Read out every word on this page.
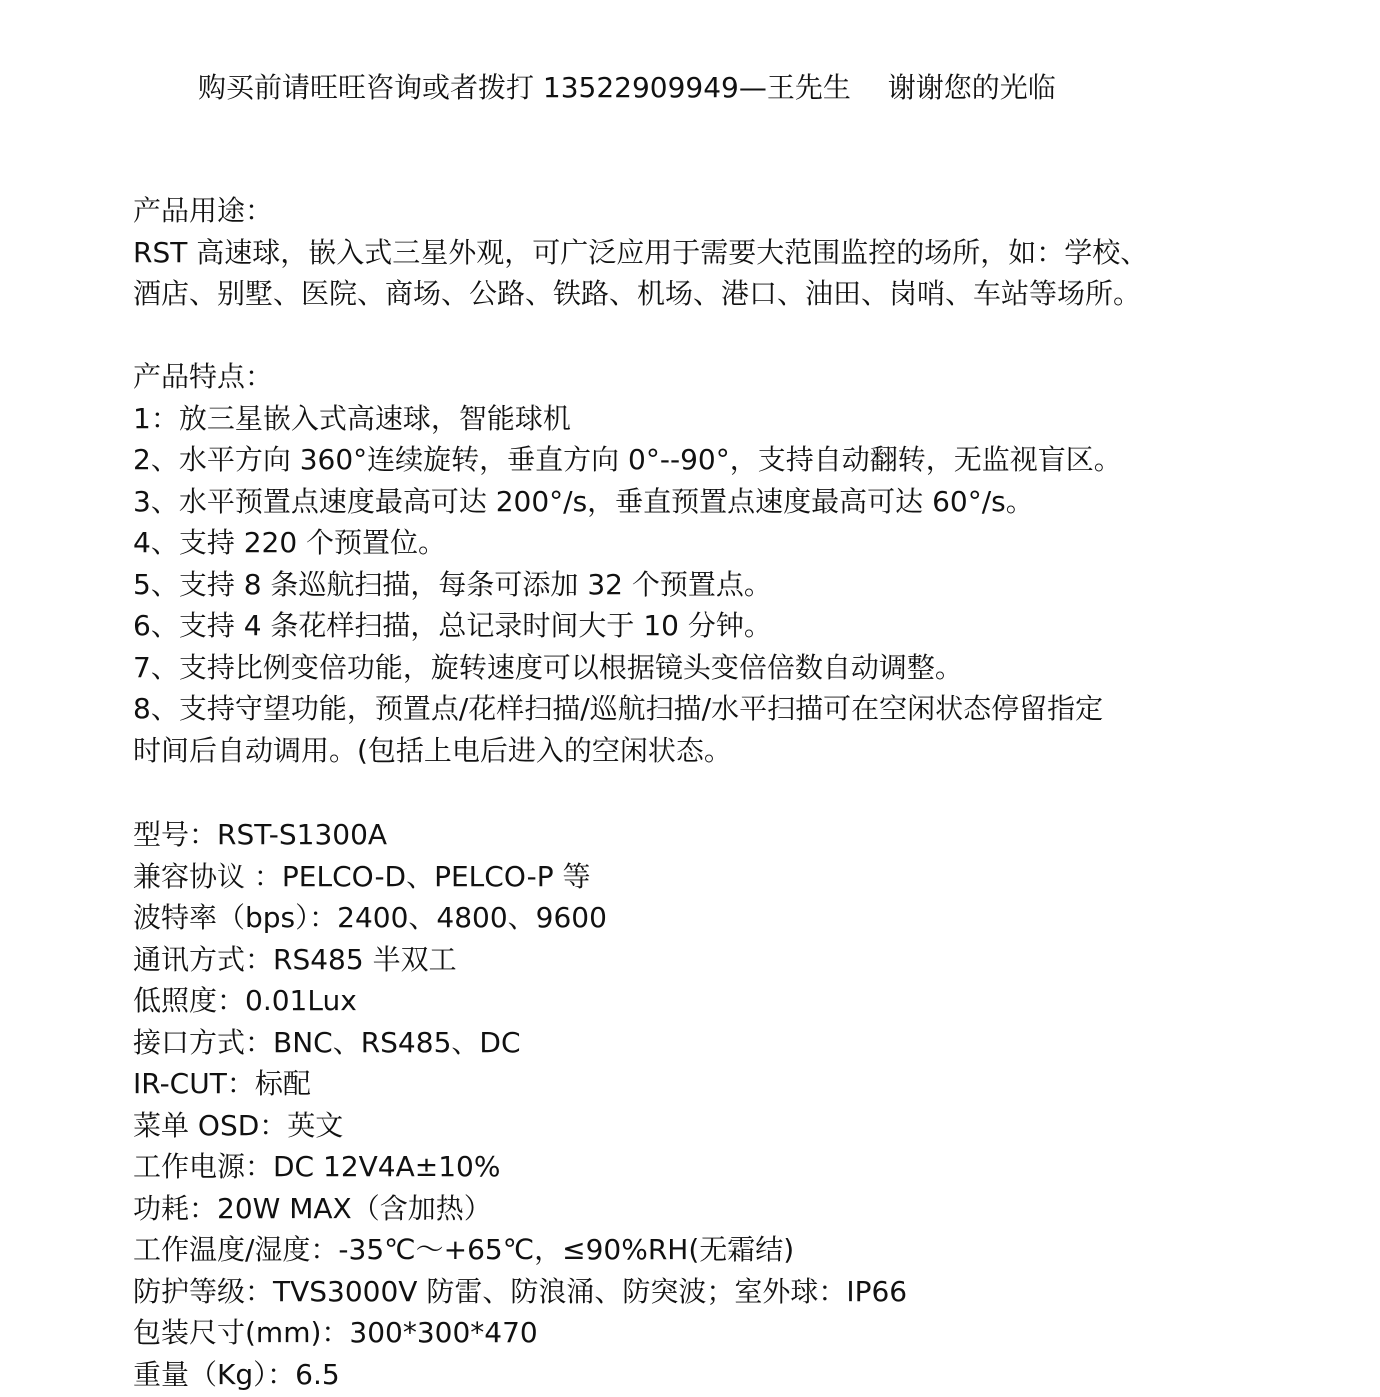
购买前请旺旺咨询或者拨打 13522909949—王先生　 谢谢您的光临
产品用途：
RST 高速球，嵌入式三星外观，可广泛应用于需要大范围监控的场所，如：学校、
酒店、别墅、医院、商场、公路、铁路、机场、港口、油田、岗哨、车站等场所。
产品特点：
1：放三星嵌入式高速球，智能球机
2、水平方向 360°连续旋转，垂直方向 0°--90°，支持自动翻转，无监视盲区。
3、水平预置点速度最高可达 200°/s，垂直预置点速度最高可达 60°/s。
4、支持 220 个预置位。
5、支持 8 条巡航扫描，每条可添加 32 个预置点。
6、支持 4 条花样扫描，总记录时间大于 10 分钟。
7、支持比例变倍功能，旋转速度可以根据镜头变倍倍数自动调整。
8、支持守望功能，预置点/花样扫描/巡航扫描/水平扫描可在空闲状态停留指定
时间后自动调用。(包括上电后进入的空闲状态。
型号：RST-S1300A
兼容协议 ：PELCO-D、PELCO-P 等
波特率（bps）：2400、4800、9600
通讯方式：RS485 半双工
低照度：0.01Lux
接口方式：BNC、RS485、DC
IR-CUT：标配
菜单 OSD：英文
工作电源：DC 12V4A±10%
功耗：20W MAX（含加热）
工作温度/湿度：-35℃～+65℃，≤90%RH(无霜结)
防护等级：TVS3000V 防雷、防浪涌、防突波；室外球：IP66
包装尺寸(mm)：300*300*470
重量（Kg）：6.5
